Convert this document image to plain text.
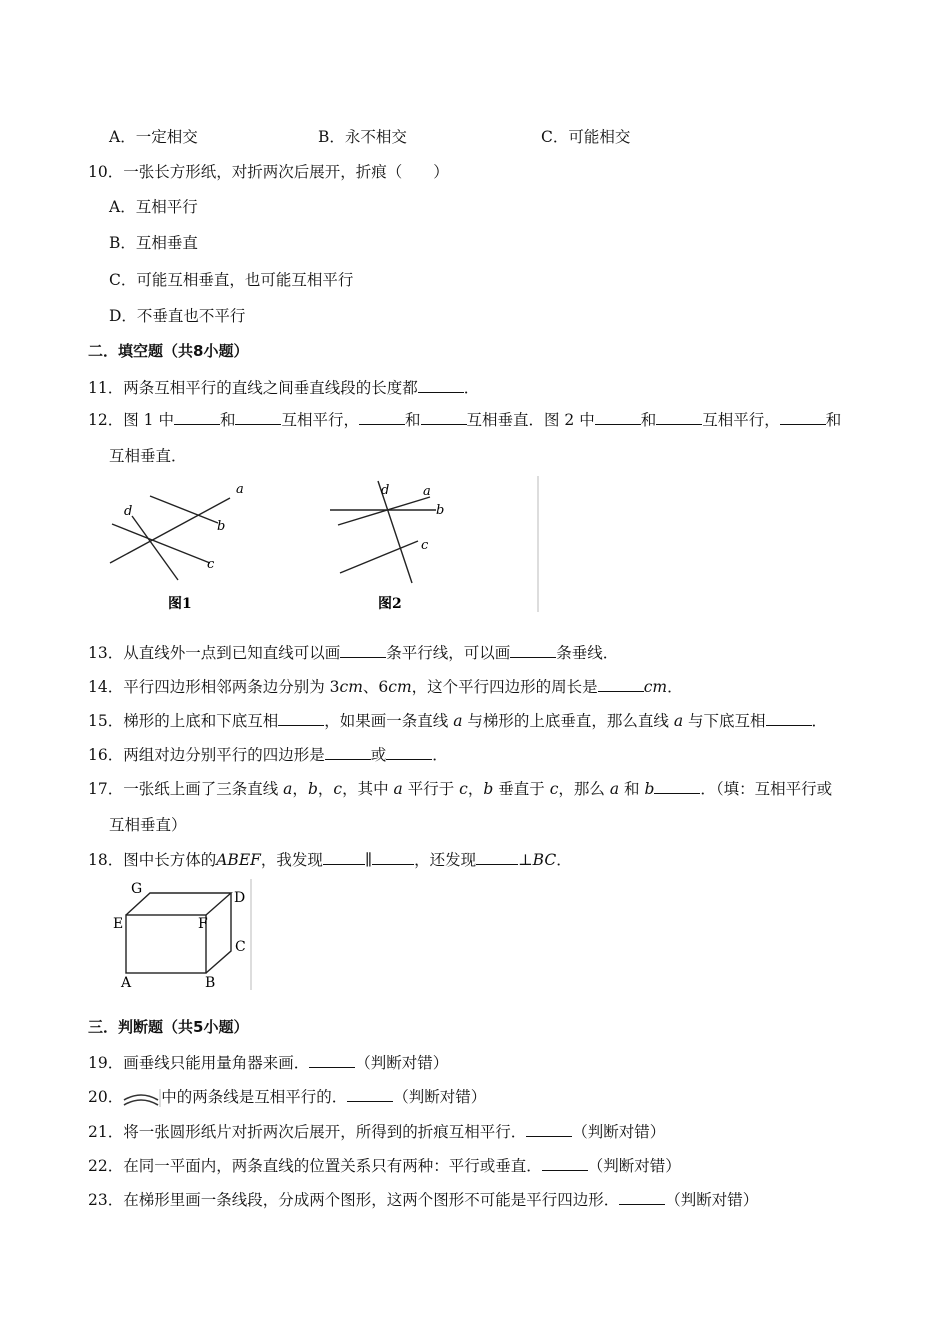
A．一定相交	B．永不相交	C．可能相交
10．一张长方形纸，对折两次后展开，折痕（　　）
A．互相平行
B．互相垂直
C．可能互相垂直，也可能互相平行
D．不垂直也不平行
二．填空题（共8小题）
11．两条互相平行的直线之间垂直线段的长度都	．
12．图 1 中	和	互相平行，	和	互相垂直．图 2 中	和	互相平行，	和
互相垂直．
a
b
c
d
图1
a
b
c
d
图2
13．从直线外一点到已知直线可以画	条平行线，可以画	条垂线．
14．平行四边形相邻两条边分别为 3cm、6cm，这个平行四边形的周长是	cm．
15．梯形的上底和下底互相	，如果画一条直线 a 与梯形的上底垂直，那么直线 a 与下底互相	．
16．两组对边分别平行的四边形是	或	．
17．一张纸上画了三条直线 a，b，c，其中 a 平行于 c，b 垂直于 c，那么 a 和 b	．（填：互相平行或
互相垂直）
18．图中长方体的ABEF，我发现	∥	，还发现	⊥BC．
G
D
E	F
C
A	B
三．判断题（共5小题）
19．画垂线只能用量角器来画．	（判断对错）
20． 中的两条线是互相平行的．	（判断对错）
21．将一张圆形纸片对折两次后展开，所得到的折痕互相平行．	（判断对错）
22．在同一平面内，两条直线的位置关系只有两种：平行或垂直．	（判断对错）
23．在梯形里画一条线段，分成两个图形，这两个图形不可能是平行四边形．	（判断对错）
